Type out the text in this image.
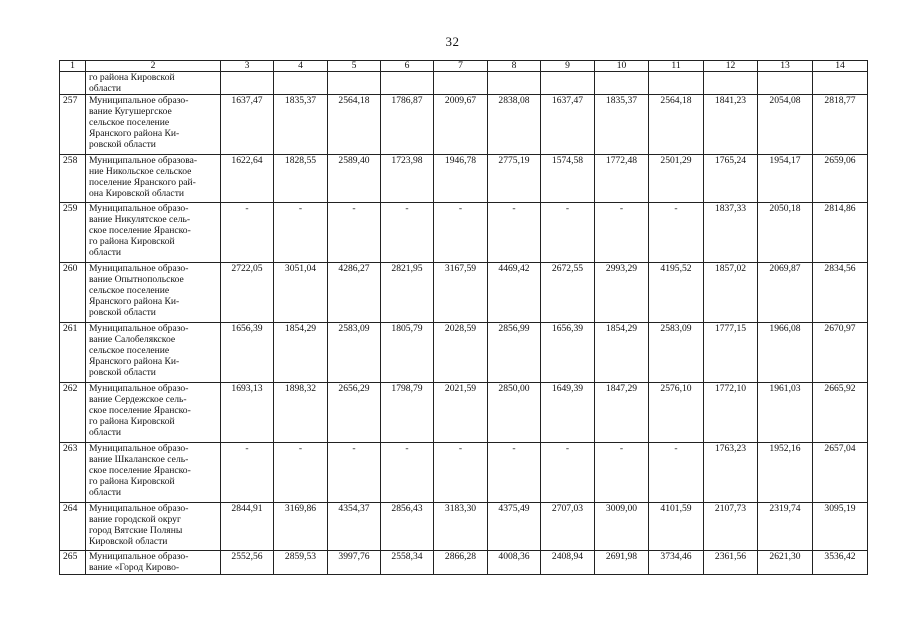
32
1	2	3	4	5	6	7	8	9	10	11	12	13	14

	го района Кировской
области												

257	Муниципальное образо-
вание Кугушергское
сельское поселение
Яранского района Ки-
ровской области	1637,47	1835,37	2564,18	1786,87	2009,67	2838,08	1637,47	1835,37	2564,18	1841,23	2054,08	2818,77
258	Муниципальное образова-
ние Никольское сельское
поселение Яранского рай-
она Кировской области	1622,64	1828,55	2589,40	1723,98	1946,78	2775,19	1574,58	1772,48	2501,29	1765,24	1954,17	2659,06
259	Муниципальное образо-
вание Никулятское сель-
ское поселение Яранско-
го района Кировской
области	-	-	-	-	-	-	-	-	-	1837,33	2050,18	2814,86
260	Муниципальное образо-
вание Опытнопольское
сельское поселение
Яранского района Ки-
ровской области	2722,05	3051,04	4286,27	2821,95	3167,59	4469,42	2672,55	2993,29	4195,52	1857,02	2069,87	2834,56
261	Муниципальное образо-
вание Салобелякское
сельское поселение
Яранского района Ки-
ровской области	1656,39	1854,29	2583,09	1805,79	2028,59	2856,99	1656,39	1854,29	2583,09	1777,15	1966,08	2670,97
262	Муниципальное образо-
вание Сердежское сель-
ское поселение Яранско-
го района Кировской
области	1693,13	1898,32	2656,29	1798,79	2021,59	2850,00	1649,39	1847,29	2576,10	1772,10	1961,03	2665,92
263	Муниципальное образо-
вание Шкаланское сель-
ское поселение Яранско-
го района Кировской
области	-	-	-	-	-	-	-	-	-	1763,23	1952,16	2657,04
264	Муниципальное образо-
вание городской округ
город Вятские Поляны
Кировской области	2844,91	3169,86	4354,37	2856,43	3183,30	4375,49	2707,03	3009,00	4101,59	2107,73	2319,74	3095,19
265	Муниципальное образо-
вание «Город Кирово-	2552,56	2859,53	3997,76	2558,34	2866,28	4008,36	2408,94	2691,98	3734,46	2361,56	2621,30	3536,42
